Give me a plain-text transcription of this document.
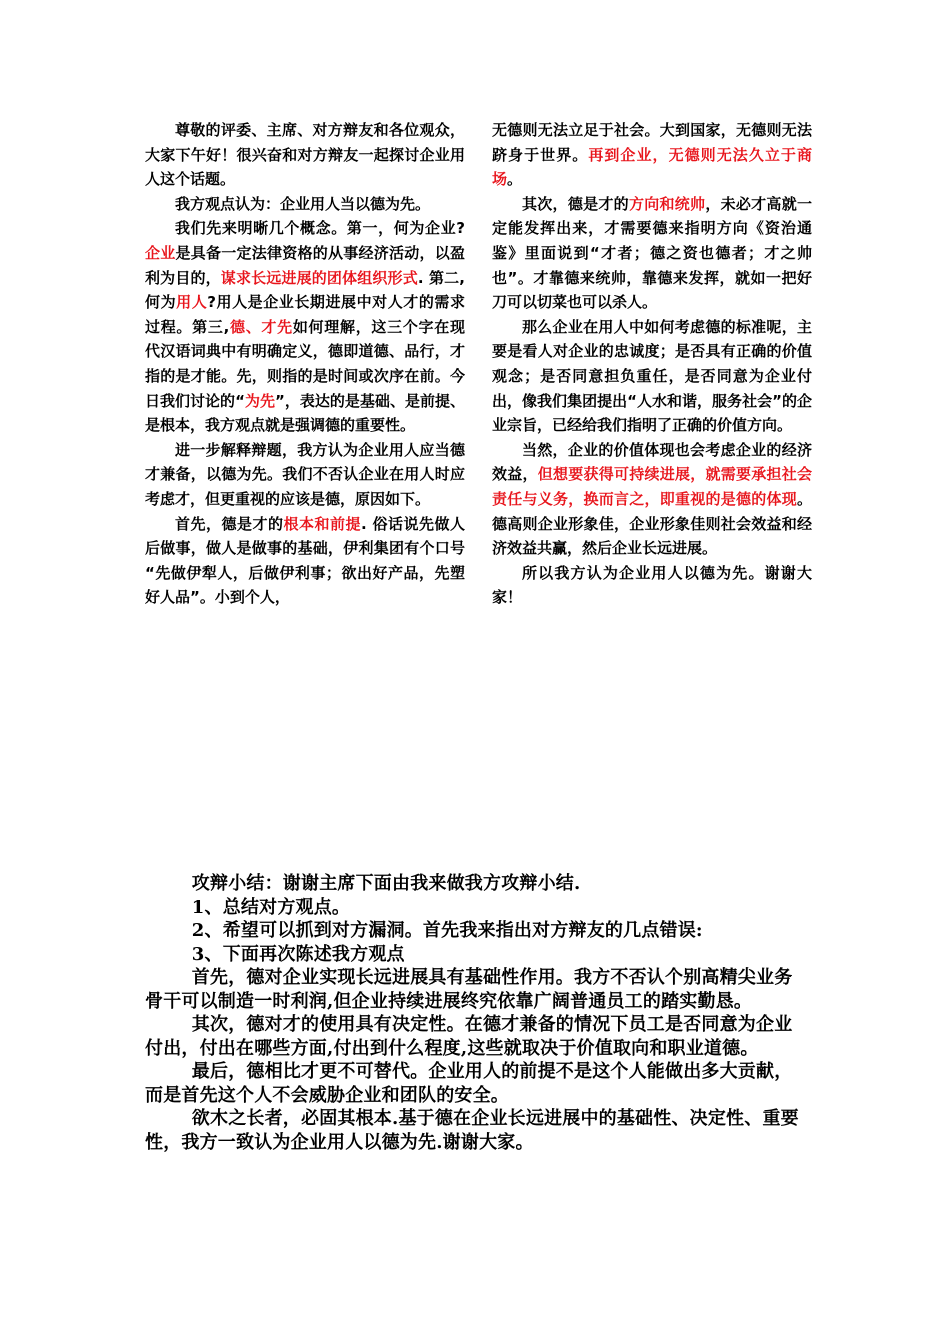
尊敬的评委、主席、对方辩友和各位观众，大家下午好！很兴奋和对方辩友一起探讨企业用人这个话题。

我方观点认为：企业用人当以德为先。

我们先来明晰几个概念。第一，何为企业?企业是具备一定法律资格的从事经济活动，以盈利为目的，谋求长远进展的团体组织形式. 第二, 何为用人?用人是企业长期进展中对人才的需求过程。第三,德、才先如何理解，这三个字在现代汉语词典中有明确定义，德即道德、品行，才指的是才能。先，则指的是时间或次序在前。今日我们讨论的“为先”，表达的是基础、是前提、是根本，我方观点就是强调德的重要性。

进一步解释辩题，我方认为企业用人应当德才兼备，以德为先。我们不否认企业在用人时应考虑才，但更重视的应该是德，原因如下。

首先，德是才的根本和前提. 俗话说先做人后做事，做人是做事的基础，伊利集团有个口号 “先做伊犁人，后做伊利事；欲出好产品，先塑好人品”。小到个人，

无德则无法立足于社会。大到国家，无德则无法跻身于世界。再到企业，无德则无法久立于商场。

其次，德是才的方向和统帅，未必才高就一定能发挥出来，才需要德来指明方向《资治通鉴》里面说到“才者；德之资也德者；才之帅也”。才靠德来统帅，靠德来发挥，就如一把好刀可以切菜也可以杀人。

那么企业在用人中如何考虑德的标准呢，主要是看人对企业的忠诚度；是否具有正确的价值观念；是否同意担负重任，是否同意为企业付出，像我们集团提出“人水和谐，服务社会”的企业宗旨，已经给我们指明了正确的价值方向。

当然，企业的价值体现也会考虑企业的经济效益，但想要获得可持续进展，就需要承担社会责任与义务，换而言之，即重视的是德的体现。德高则企业形象佳，企业形象佳则社会效益和经济效益共赢，然后企业长远进展。

所以我方认为企业用人以德为先。谢谢大家！

攻辩小结：谢谢主席下面由我来做我方攻辩小结.

1、总结对方观点。

2、希望可以抓到对方漏洞。首先我来指出对方辩友的几点错误:

3、下面再次陈述我方观点

首先，德对企业实现长远进展具有基础性作用。我方不否认个别高精尖业务骨干可以制造一时利润,但企业持续进展终究依靠广阔普通员工的踏实勤恳。

其次，德对才的使用具有决定性。在德才兼备的情况下员工是否同意为企业付出，付出在哪些方面,付出到什么程度,这些就取决于价值取向和职业道德。

最后，德相比才更不可替代。企业用人的前提不是这个人能做出多大贡献，而是首先这个人不会威胁企业和团队的安全。

欲木之长者，必固其根本.基于德在企业长远进展中的基础性、决定性、重要性，我方一致认为企业用人以德为先.谢谢大家。
